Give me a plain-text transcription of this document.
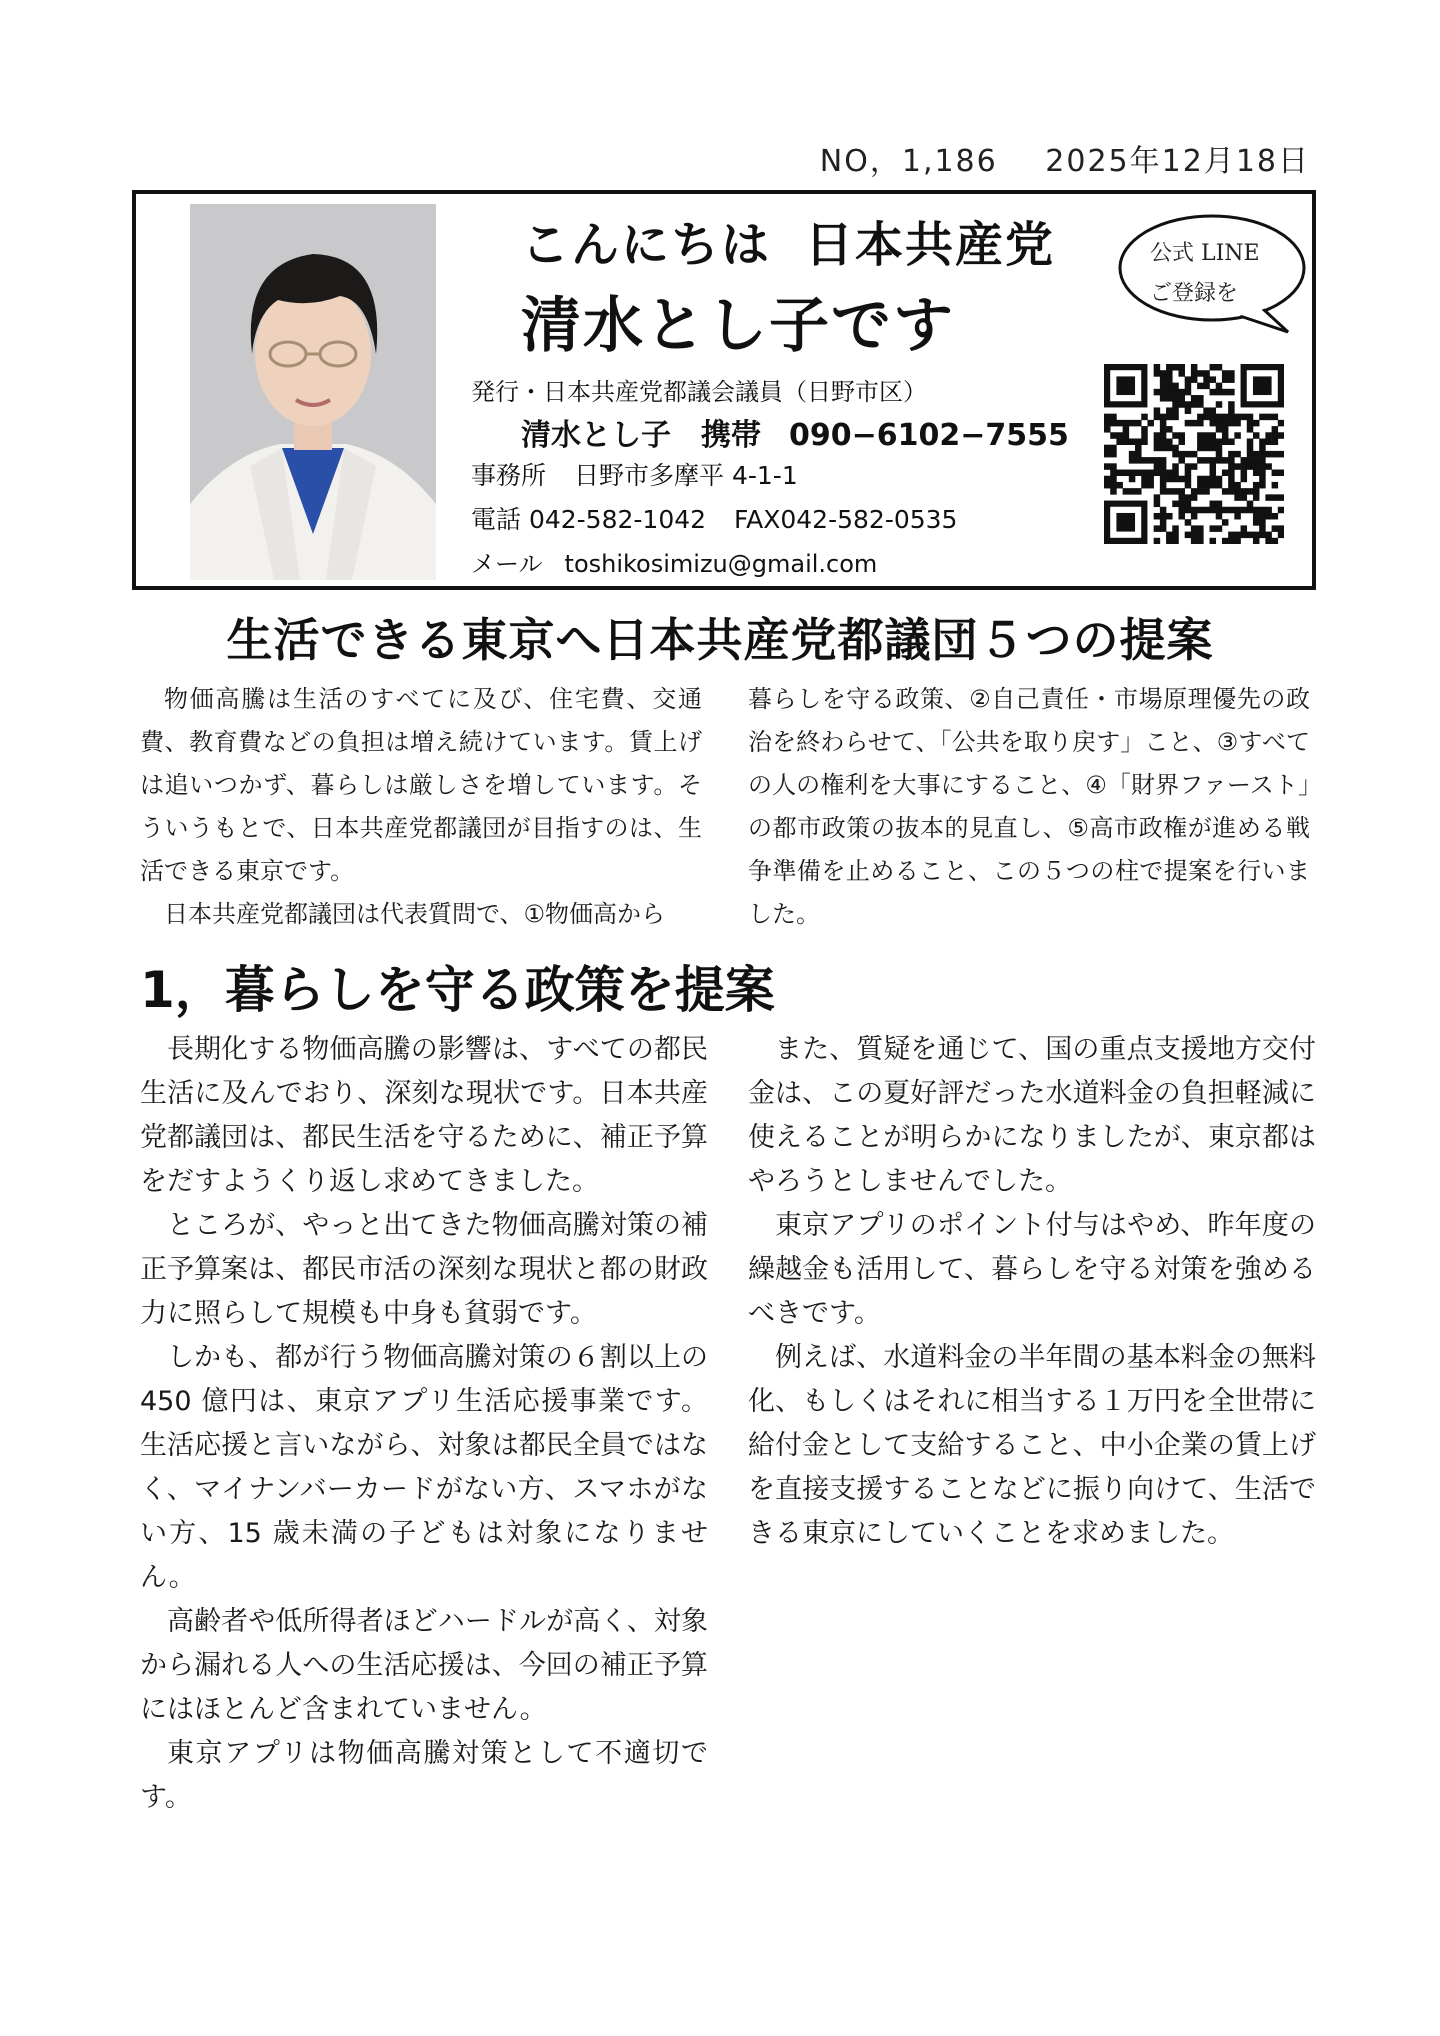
NO，1,186 2025年12月18日
こんにちは 日本共産党
清水とし子です
発行・日本共産党都議会議員（日野市区）
清水とし子　携帯 090−6102−7555
事務所 日野市多摩平 4-1-1
電話 042-582-1042 FAX042-582-0535
メール toshikosimizu@gmail.com
公式 LINE
ご登録を
生活できる東京へ日本共産党都議団５つの提案

物価高騰は生活のすべてに及び、住宅費、交通費、教育費などの負担は増え続けています。賃上げは追いつかず、暮らしは厳しさを増しています。そういうもとで、日本共産党都議団が目指すのは、生活できる東京です。

日本共産党都議団は代表質問で、①物価高から

暮らしを守る政策、②自己責任・市場原理優先の政治を終わらせて、「公共を取り戻す」こと、③すべての人の権利を大事にすること、④「財界ファースト」の都市政策の抜本的見直し、⑤高市政権が進める戦争準備を止めること、この５つの柱で提案を行いました。

1，暮らしを守る政策を提案

長期化する物価高騰の影響は、すべての都民生活に及んでおり、深刻な現状です。日本共産党都議団は、都民生活を守るために、補正予算をだすようくり返し求めてきました。

ところが、やっと出てきた物価高騰対策の補正予算案は、都民市活の深刻な現状と都の財政力に照らして規模も中身も貧弱です。

しかも、都が行う物価高騰対策の６割以上の 450 億円は、東京アプリ生活応援事業です。生活応援と言いながら、対象は都民全員ではなく、マイナンバーカードがない方、スマホがない方、15 歳未満の子どもは対象になりません。

高齢者や低所得者ほどハードルが高く、対象から漏れる人への生活応援は、今回の補正予算にはほとんど含まれていません。

東京アプリは物価高騰対策として不適切です。

また、質疑を通じて、国の重点支援地方交付金は、この夏好評だった水道料金の負担軽減に使えることが明らかになりましたが、東京都はやろうとしませんでした。

東京アプリのポイント付与はやめ、昨年度の繰越金も活用して、暮らしを守る対策を強めるべきです。

例えば、水道料金の半年間の基本料金の無料化、もしくはそれに相当する１万円を全世帯に給付金として支給すること、中小企業の賃上げを直接支援することなどに振り向けて、生活できる東京にしていくことを求めました。
